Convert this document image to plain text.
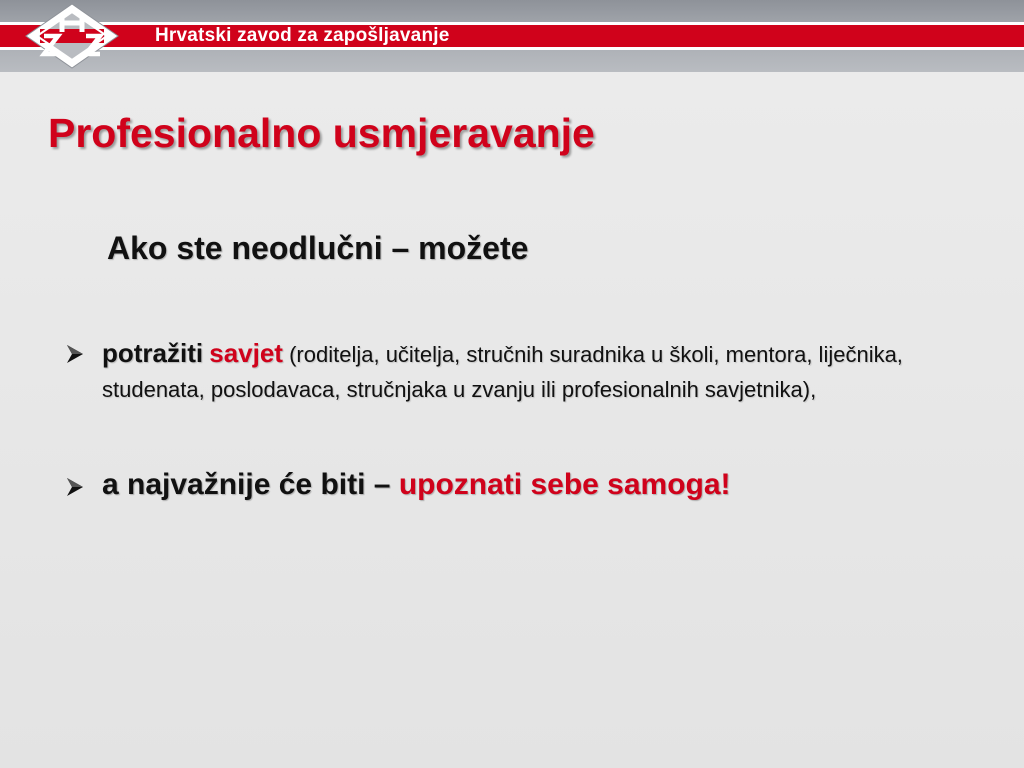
Hrvatski zavod za zapošljavanje
Profesionalno usmjeravanje
Ako ste neodlučni – možete
potražiti savjet (roditelja, učitelja, stručnih suradnika u školi, mentora, liječnika, studenata, poslodavaca, stručnjaka u zvanju ili profesionalnih savjetnika),
a najvažnije će biti – upoznati sebe samoga!
